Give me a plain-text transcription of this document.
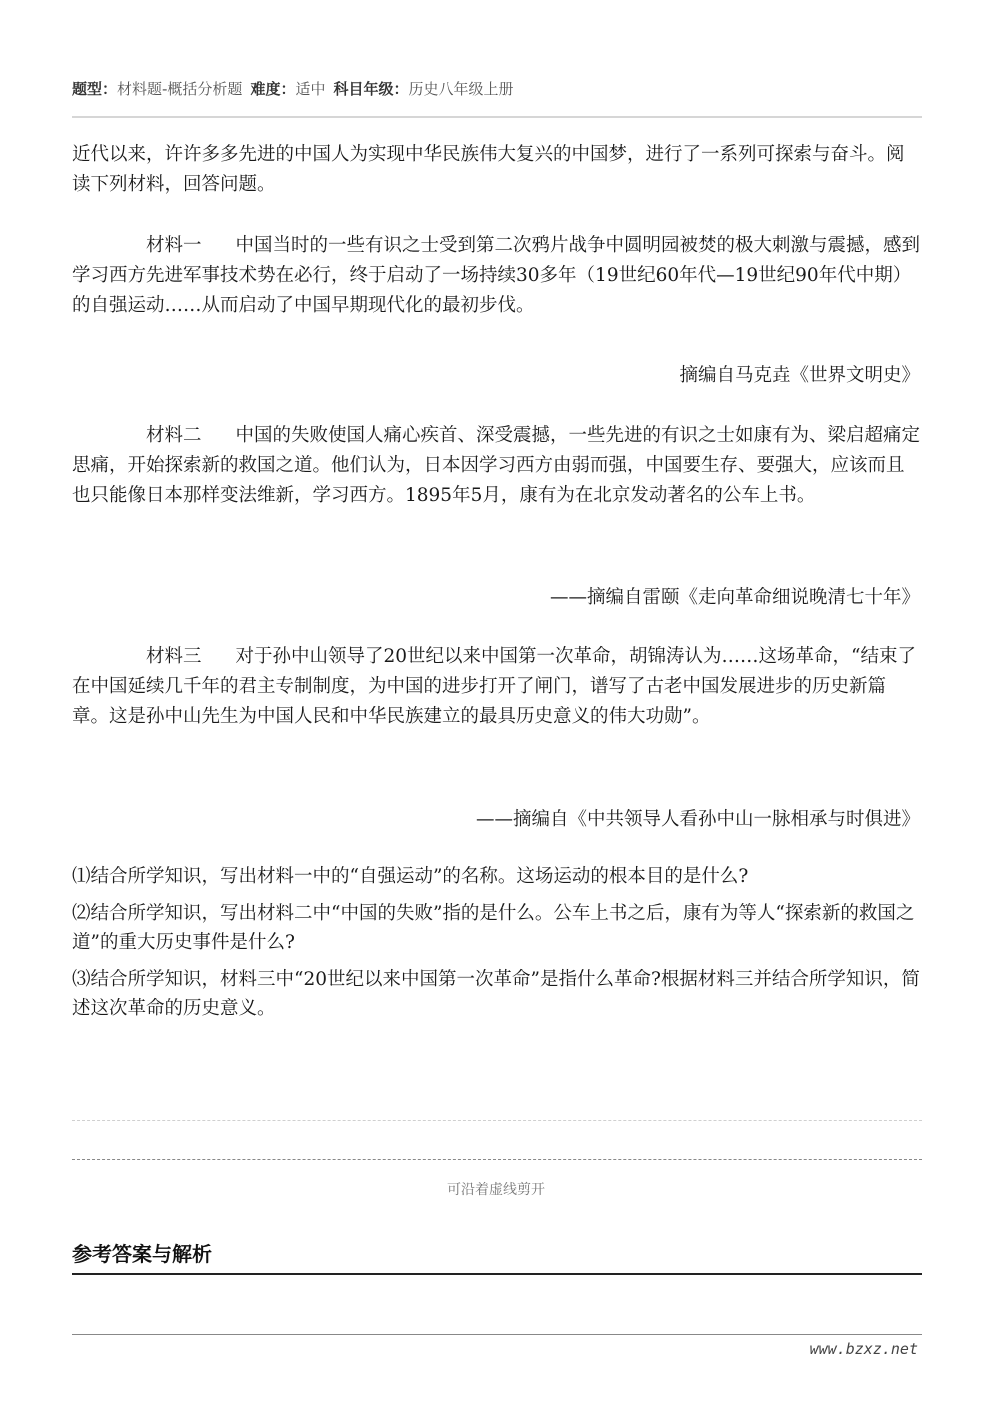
题型：材料题-概括分析题 难度：适中 科目年级：历史八年级上册
近代以来，许许多多先进的中国人为实现中华民族伟大复兴的中国梦，进行了一系列可探索与奋斗。阅读下列材料，回答问题。
材料一 中国当时的一些有识之士受到第二次鸦片战争中圆明园被焚的极大刺激与震撼，感到学习西方先进军事技术势在必行，终于启动了一场持续30多年（19世纪60年代—19世纪90年代中期）的自强运动……从而启动了中国早期现代化的最初步伐。
摘编自马克垚《世界文明史》
材料二 中国的失败使国人痛心疾首、深受震撼，一些先进的有识之士如康有为、梁启超痛定思痛，开始探索新的救国之道。他们认为，日本因学习西方由弱而强，中国要生存、要强大，应该而且也只能像日本那样变法维新，学习西方。1895年5月，康有为在北京发动著名的公车上书。
——摘编自雷颐《走向革命细说晚清七十年》
材料三 对于孙中山领导了20世纪以来中国第一次革命，胡锦涛认为……这场革命，“结束了在中国延续几千年的君主专制制度，为中国的进步打开了闸门，谱写了古老中国发展进步的历史新篇章。这是孙中山先生为中国人民和中华民族建立的最具历史意义的伟大功勋”。
——摘编自《中共领导人看孙中山一脉相承与时俱进》
⑴结合所学知识，写出材料一中的“自强运动”的名称。这场运动的根本目的是什么?
⑵结合所学知识，写出材料二中“中国的失败”指的是什么。公车上书之后，康有为等人“探索新的救国之道”的重大历史事件是什么?
⑶结合所学知识，材料三中“20世纪以来中国第一次革命”是指什么革命?根据材料三并结合所学知识，简述这次革命的历史意义。
可沿着虚线剪开
参考答案与解析
www.bzxz.net
